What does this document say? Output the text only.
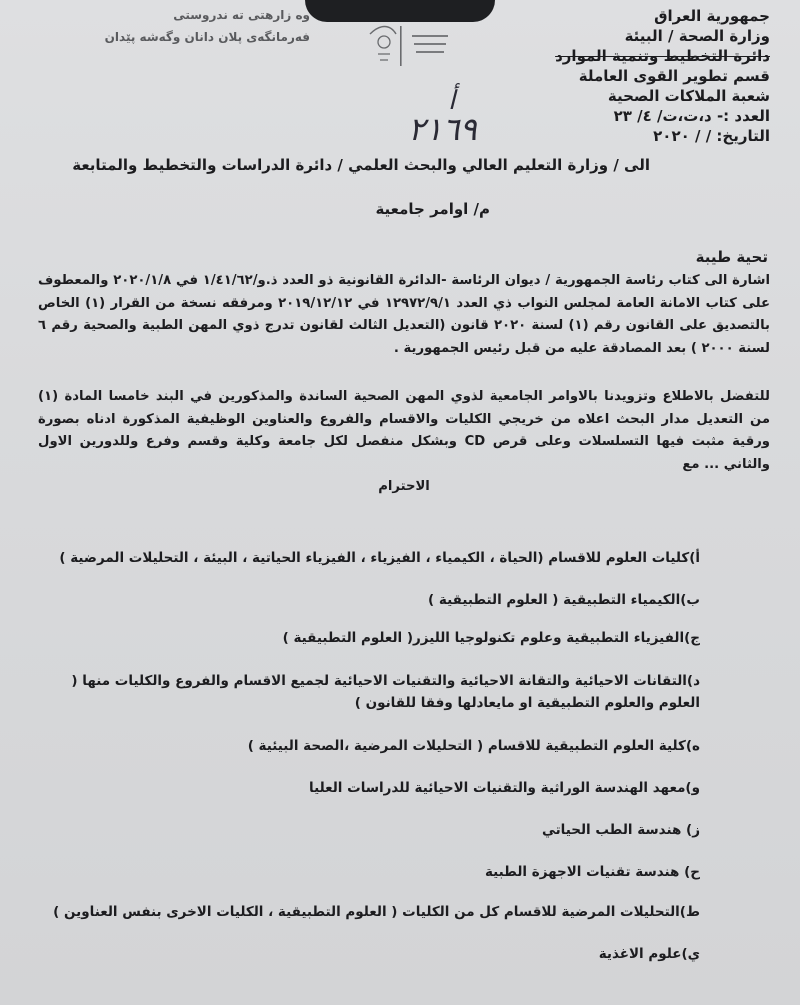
وه زارهتی ته ندروستی
فەرمانگەی پلان دانان وگەشە پێدان
جمهورية العراق
وزارة الصحة / البيئة
دائرة التخطيط وتنمية الموارد
قسم تطوير القوى العاملة
شعبة الملاكات الصحية
العدد :- د،ت،ت/ ٤/ ٢٣
التاريخ: / / ٢٠٢٠
أ
٢١٦٩
الى / وزارة التعليم العالي والبحث العلمي / دائرة الدراسات والتخطيط والمتابعة
م/ اوامر جامعية
تحية طيبة
اشارة الى كتاب رئاسة الجمهورية / ديوان الرئاسة -الدائرة القانونية ذو العدد ذ.و/١/٤١/٦٢ في ٢٠٢٠/١/٨ والمعطوف على كتاب الامانة العامة لمجلس النواب ذي العدد ١٢٩٧٢/٩/١ في ٢٠١٩/١٢/١٢ ومرفقه نسخة من القرار (١) الخاص بالتصديق على القانون رقم (١) لسنة ٢٠٢٠ قانون (التعديل الثالث لقانون تدرج ذوي المهن الطبية والصحية رقم ٦ لسنة ٢٠٠٠ ) بعد المصادقة عليه من قبل رئيس الجمهورية .
للتفضل بالاطلاع وتزويدنا بالاوامر الجامعية لذوي المهن الصحية الساندة والمذكورين في البند خامسا المادة (١) من التعديل مدار البحث اعلاه من خريجي الكليات والاقسام والفروع والعناوين الوظيفية المذكورة ادناه بصورة ورقية مثبت فيها التسلسلات وعلى قرص CD وبشكل منفصل لكل جامعة وكلية وقسم وفرع وللدورين الاول والثاني ... مع
الاحترام
أ)كليات العلوم للاقسام (الحياة ، الكيمياء ، الفيزياء ، الفيزياء الحياتية ، البيئة ، التحليلات المرضية )
ب)الكيمياء التطبيقية ( العلوم التطبيقية )
ج)الفيزياء التطبيقية وعلوم تكنولوجيا الليزر( العلوم التطبيقية )
د)التقانات الاحيائية والتقانة الاحيائية والتقنيات الاحيائية لجميع الاقسام والفروع والكليات منها ( العلوم والعلوم التطبيقية او مايعادلها وفقا للقانون )
ه)كلية العلوم التطبيقية للاقسام ( التحليلات المرضية ،الصحة البيئية )
و)معهد الهندسة الوراثية والتقنيات الاحيائية للدراسات العليا
ز) هندسة الطب الحياتي
ح) هندسة تقنيات الاجهزة الطبية
ط)التحليلات المرضية للاقسام كل من الكليات ( العلوم التطبيقية ، الكليات الاخرى بنفس العناوين )
ي)علوم الاغذية
